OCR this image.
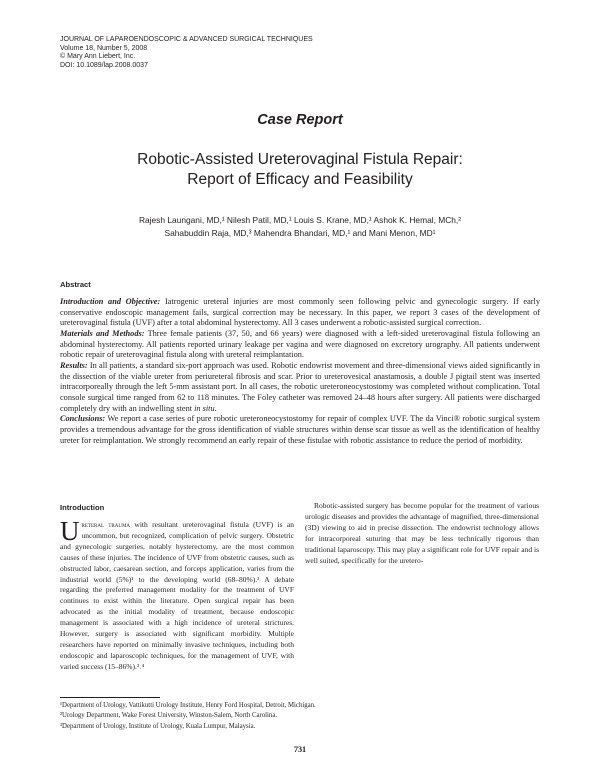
JOURNAL OF LAPAROENDOSCOPIC & ADVANCED SURGICAL TECHNIQUES
Volume 18, Number 5, 2008
© Mary Ann Liebert, Inc.
DOI: 10.1089/lap.2008.0037
Case Report
Robotic-Assisted Ureterovaginal Fistula Repair:
Report of Efficacy and Feasibility
Rajesh Laungani, MD,¹ Nilesh Patil, MD,¹ Louis S. Krane, MD,¹ Ashok K. Hemal, MCh,²
Sahabuddin Raja, MD,³ Mahendra Bhandari, MD,¹ and Mani Menon, MD¹
Abstract

Introduction and Objective: Iatrogenic ureteral injuries are most commonly seen following pelvic and gynecologic surgery. If early conservative endoscopic management fails, surgical correction may be necessary. In this paper, we report 3 cases of the development of ureterovaginal fistula (UVF) after a total abdominal hysterectomy. All 3 cases underwent a robotic-assisted surgical correction.

Materials and Methods: Three female patients (37, 50, and 66 years) were diagnosed with a left-sided ureterovaginal fistula following an abdominal hysterectomy. All patients reported urinary leakage per vagina and were diagnosed on excretory urography. All patients underwent robotic repair of ureterovaginal fistula along with ureteral reimplantation.

Results: In all patients, a standard six-port approach was used. Robotic endowrist movement and three-dimensional views aided significantly in the dissection of the viable ureter from periureteral fibrosis and scar. Prior to ureterovesical anastamosis, a double J pigtail stent was inserted intracorporeally through the left 5-mm assistant port. In all cases, the robotic ureteroneocystostomy was completed without complication. Total console surgical time ranged from 62 to 118 minutes. The Foley catheter was removed 24–48 hours after surgery. All patients were discharged completely dry with an indwelling stent in situ.

Conclusions: We report a case series of pure robotic ureteroneocystostomy for repair of complex UVF. The da Vinci® robotic surgical system provides a tremendous advantage for the gross identification of viable structures within dense scar tissue as well as the identification of healthy ureter for reimplantation. We strongly recommend an early repair of these fistulae with robotic assistance to reduce the period of morbidity.

Introduction

Ureteral trauma with resultant ureterovaginal fistula (UVF) is an uncommon, but recognized, complication of pelvic surgery. Obstetric and gynecologic surgeries, notably hysterectomy, are the most common causes of these injuries. The incidence of UVF from obstetric causes, such as obstructed labor, caesarean section, and forceps application, varies from the industrial world (5%)¹ to the developing world (68–80%).² A debate regarding the preferred management modality for the treatment of UVF continues to exist within the literature. Open surgical repair has been advocated as the initial modality of treatment, because endoscopic management is associated with a high incidence of ureteral strictures. However, surgery is associated with significant morbidity. Multiple researchers have reported on minimally invasive techniques, including both endoscopic and laparoscopic techniques, for the management of UVF, with varied success (15–86%).³˒⁴

Robotic-assisted surgery has become popular for the treatment of various urologic diseases and provides the advantage of magnified, three-dimensional (3D) viewing to aid in precise dissection. The endowrist technology allows for intracorporeal suturing that may be less technically rigorous than traditional laparoscopy. This may play a significant role for UVF repair and is well suited, specifically for the uretero-

¹Department of Urology, Vattikutti Urology Institute, Henry Ford Hospital, Detroit, Michigan.
²Urology Department, Wake Forest University, Winston-Salem, North Carolina.
³Department of Urology, Institute of Urology, Kuala Lumpur, Malaysia.
731
